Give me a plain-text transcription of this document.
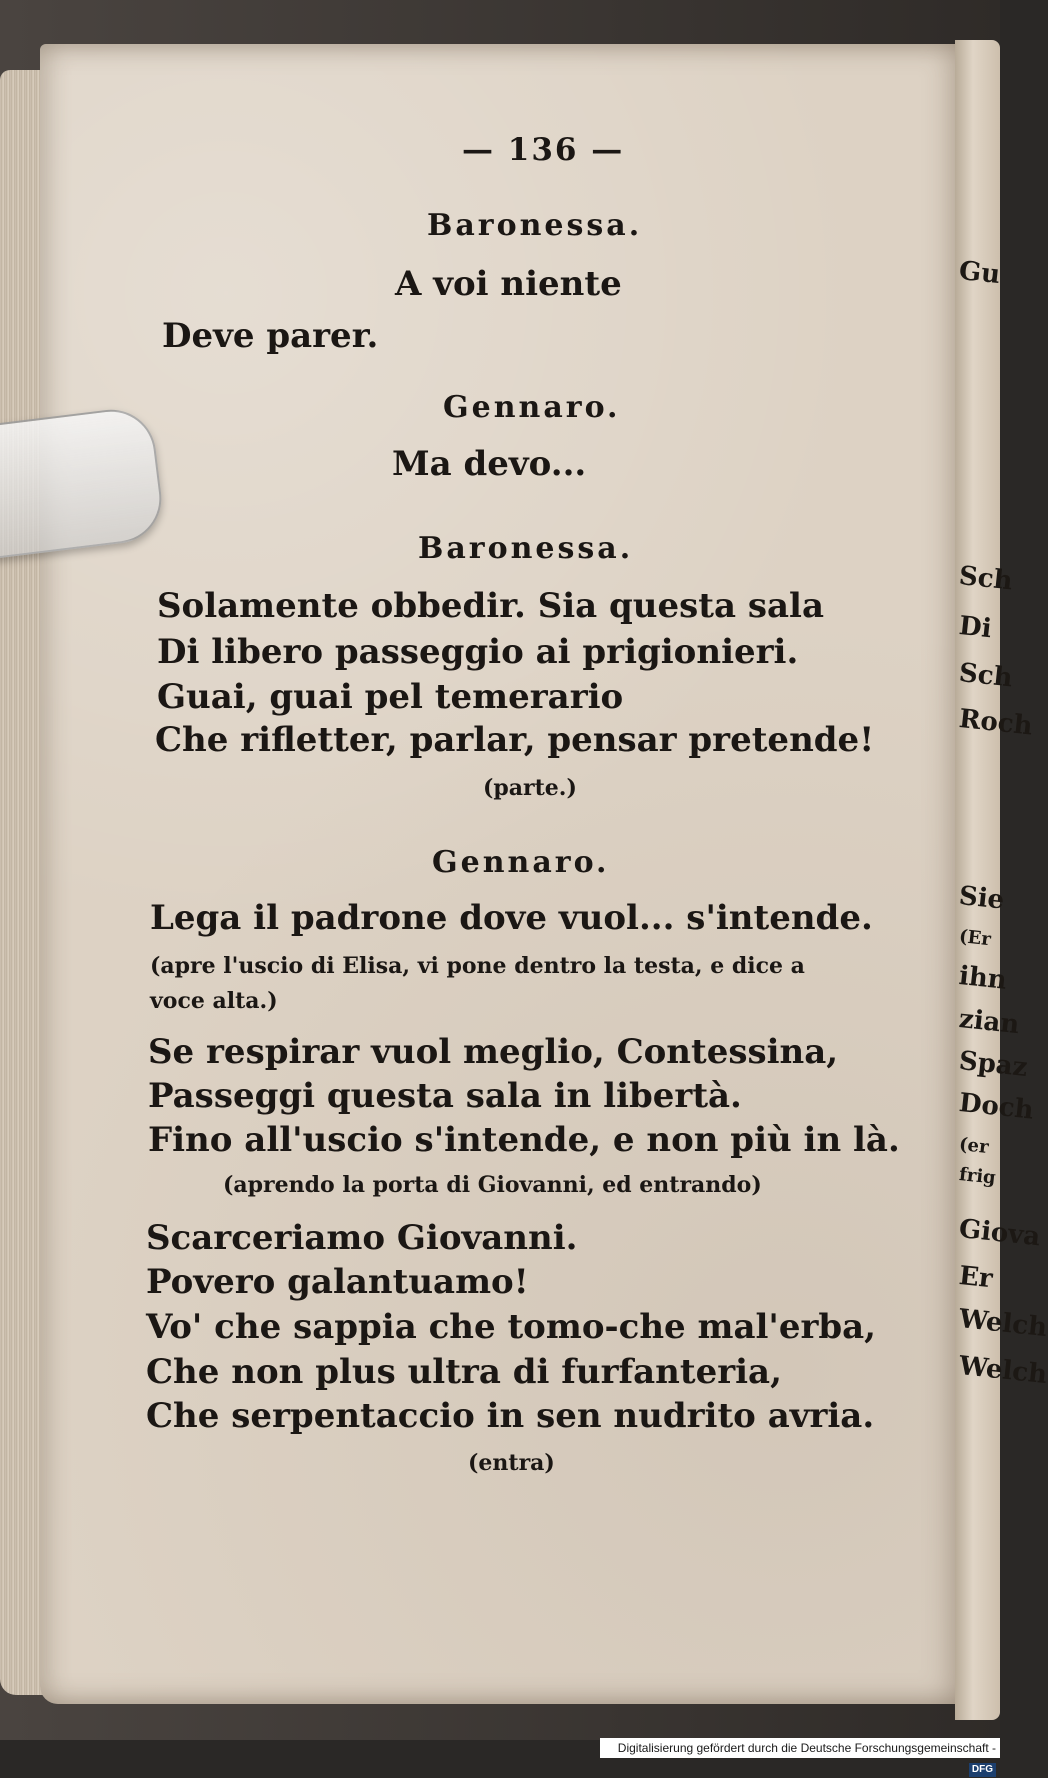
Gu
Sch
Di
Sch
Roch
Sie
(Er
ihn
zian
Spaz
Doch
(er
frig
Giova
Er
Welch
Welch

— 136 —

Baronessa.

A voi niente

Deve parer.

Gennaro.

Ma devo...

Baronessa.

Solamente obbedir. Sia questa sala

Di libero passeggio ai prigionieri.

Guai, guai pel temerario

Che rifletter, parlar, pensar pretende!

(parte.)

Gennaro.

Lega il padrone dove vuol... s'intende.

(apre l'uscio di Elisa, vi pone dentro la testa, e dice a

voce alta.)

Se respirar vuol meglio, Contessina,

Passeggi questa sala in libertà.

Fino all'uscio s'intende, e non più in là.

(aprendo la porta di Giovanni, ed entrando)

Scarceriamo Giovanni.

Povero galantuamo!

Vo' che sappia che tomo-che mal'erba,

Che non plus ultra di furfanteria,

Che serpentaccio in sen nudrito avria.

(entra)

Digitalisierung gefördert durch die Deutsche Forschungsgemeinschaft - DFG
